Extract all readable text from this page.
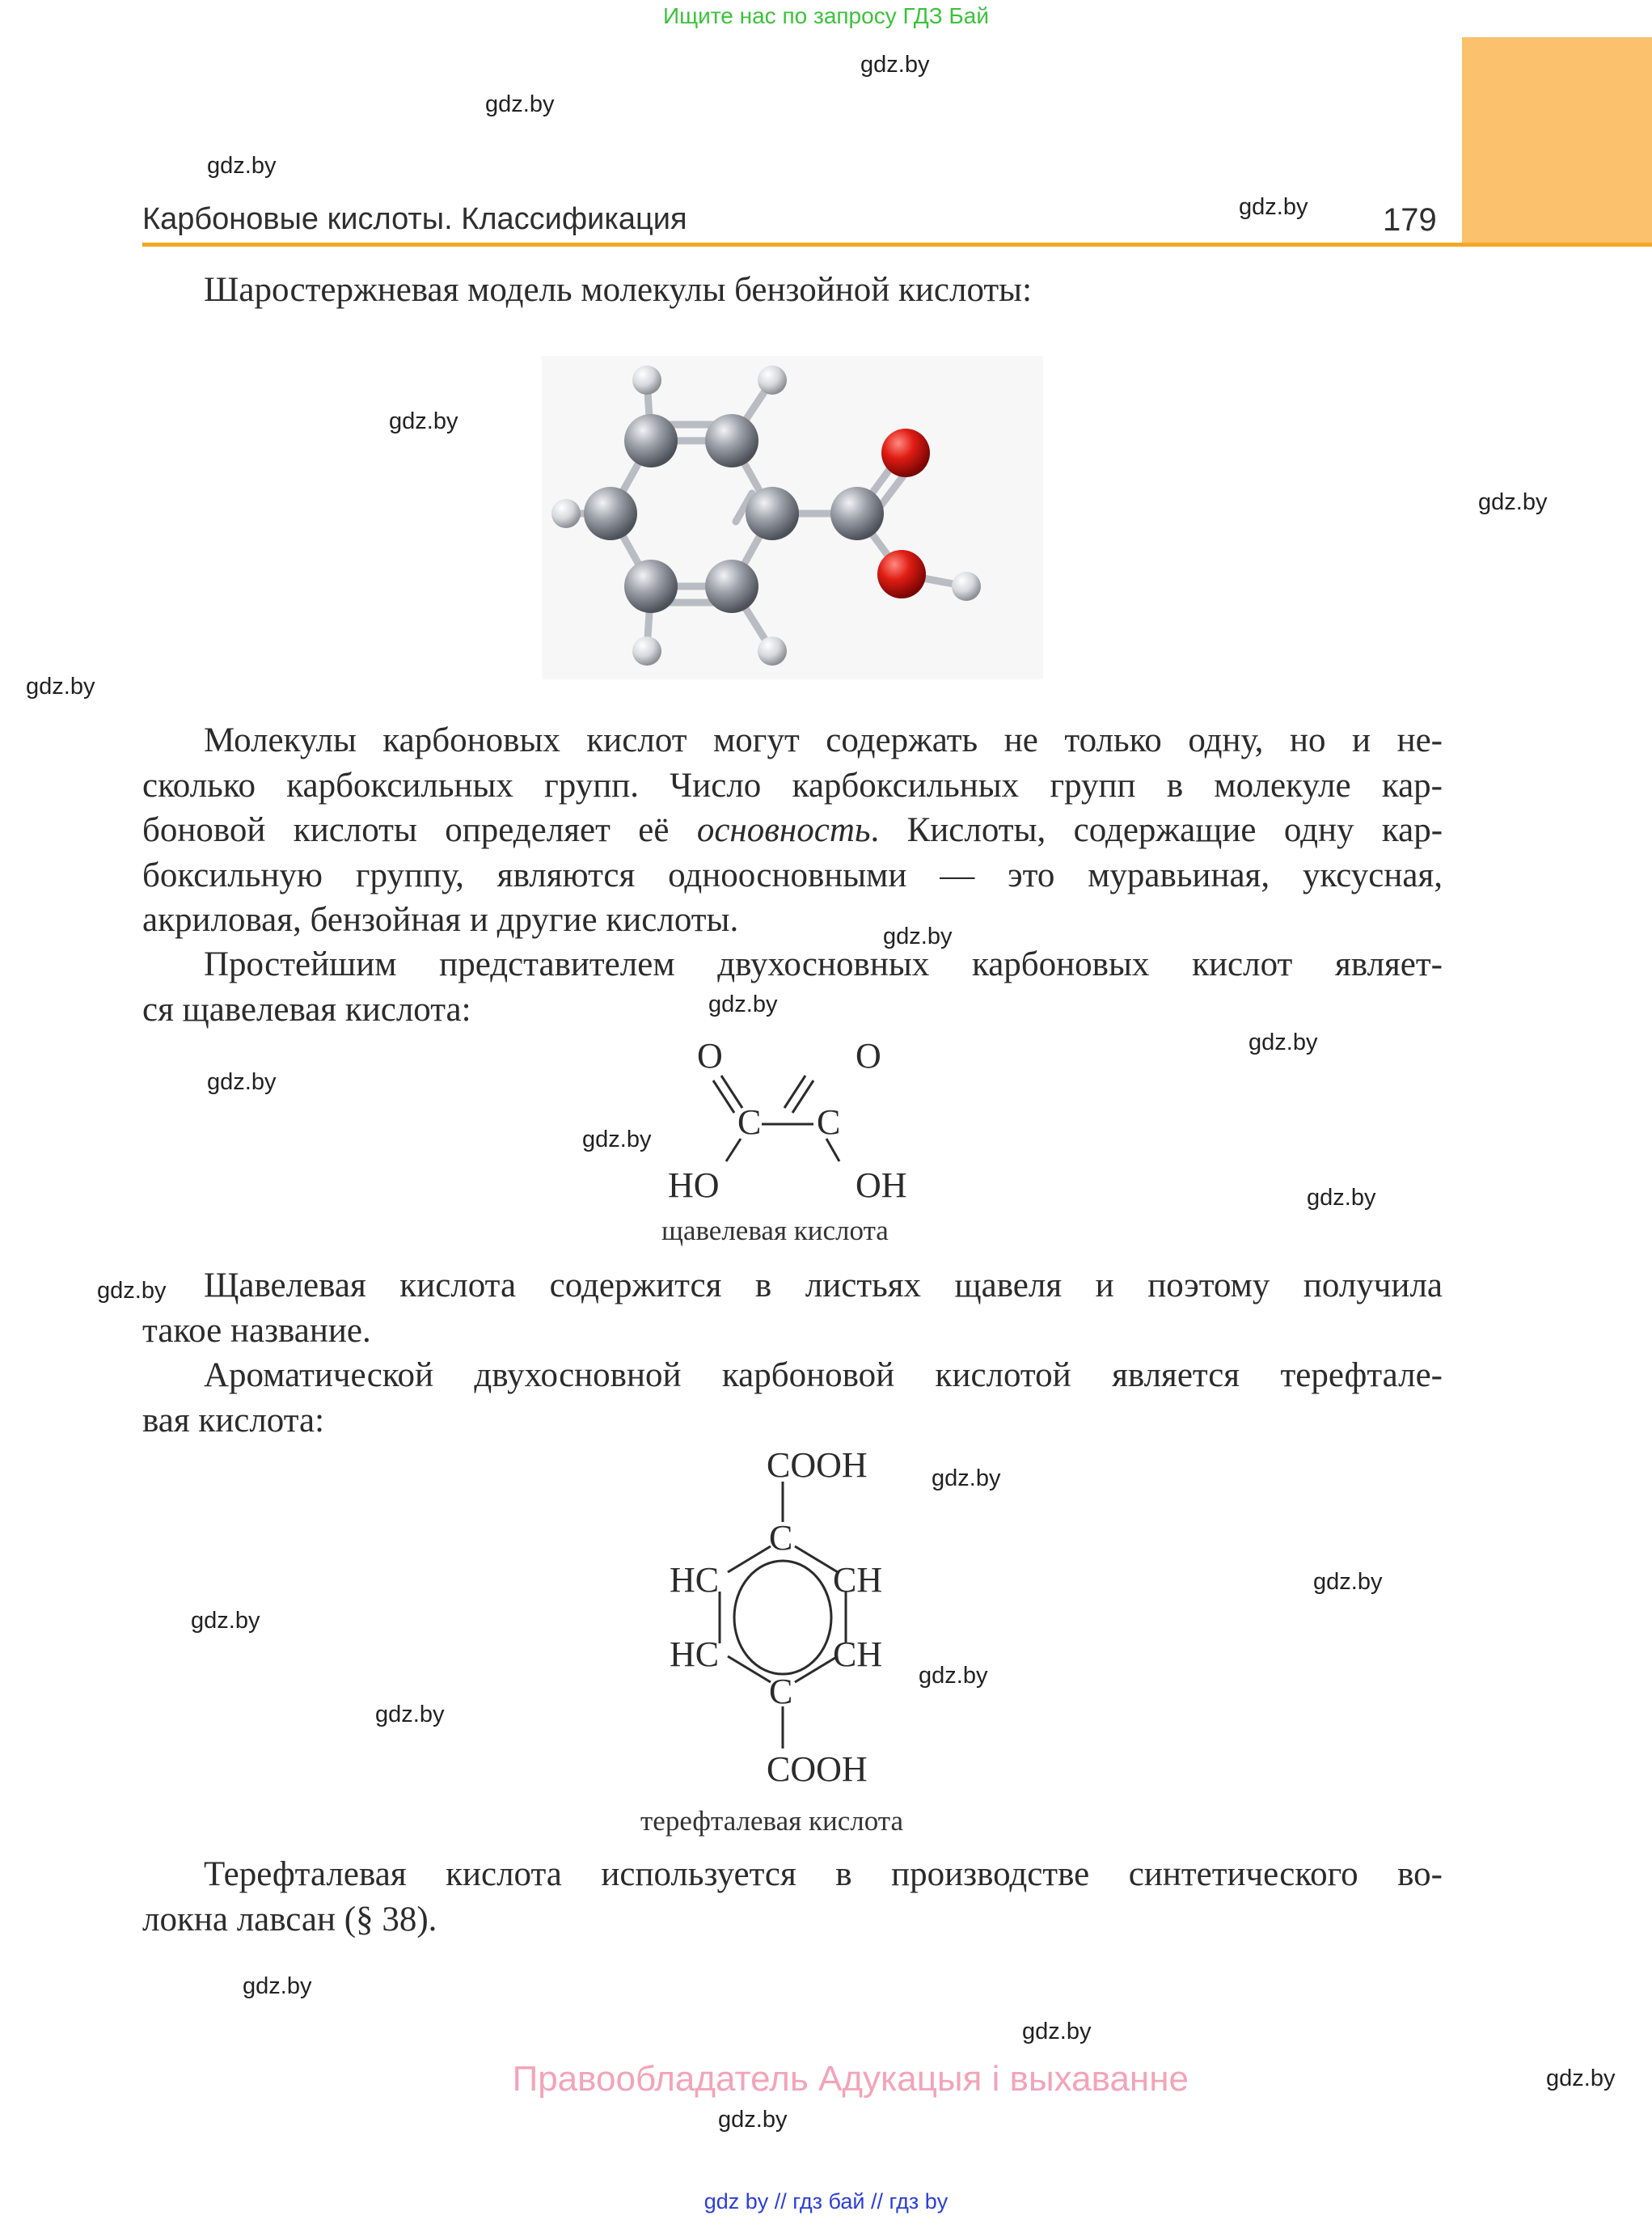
Ищите нас по запросу ГДЗ Бай
Карбоновые кислоты. Классификация	179
gdz.by
gdz.by
gdz.by
gdz.by
gdz.by
gdz.by
gdz.by
gdz.by
gdz.by
gdz.by
gdz.by
gdz.by
gdz.by
gdz.by
gdz.by
gdz.by
gdz.by
gdz.by
gdz.by
gdz.by
gdz.by
gdz.by
gdz.by
Шаростержневая модель молекулы бензойной кислоты:
Молекулы карбоновых кислот могут содержать не только одну, но и не-
сколько карбоксильных групп. Число карбоксильных групп в молекуле кар-
боновой кислоты определяет её основность. Кислоты, содержащие одну кар-
боксильную группу, являются одноосновными — это муравьиная, уксусная,
акриловая, бензойная и другие кислоты.
Простейшим представителем двухосновных карбоновых кислот являет-
ся щавелевая кислота:
O	O
C C
HO	OH
щавелевая кислота
Щавелевая кислота содержится в листьях щавеля и поэтому получила
такое название.
Ароматической двухосновной карбоновой кислотой является терефтале-
вая кислота:
COOH
C
HC	CH
HC	CH
C
COOH
терефталевая кислота
Терефталевая кислота используется в производстве синтетического во-
локна лавсан (§ 38).
Правообладатель Адукацыя і выхаванне
gdz by // гдз бай // гдз by
